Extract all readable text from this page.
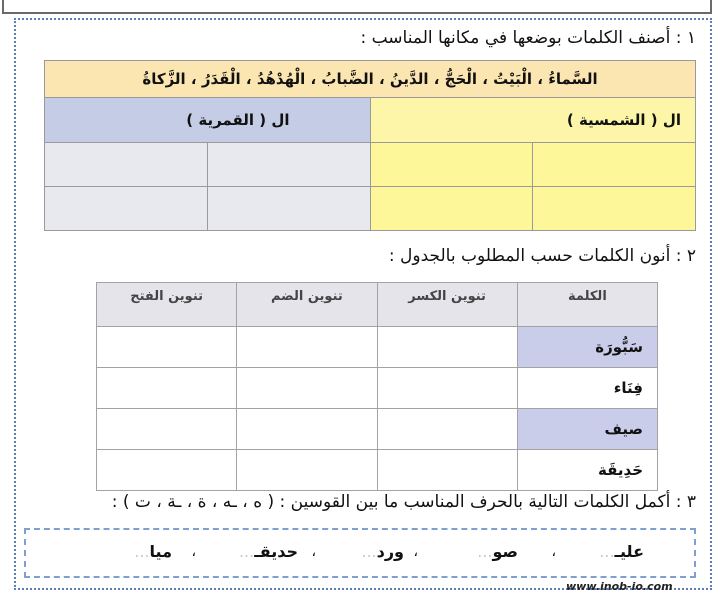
١ : أصنف الكلمات بوضعها في مكانها المناسب :
السَّماءُ ، الْبَيْتُ ، الْحَجُّ ، الدَّينُ ، الضَّبابُ ، الْهُدْهُدُ ، الْقَدَرُ ، الزَّكاةُ			
ال ( الشمسية )		ال ( القمرية )	

٢ : أنون الكلمات حسب المطلوب بالجدول :
الكلمة	تنوين الكسر	تنوين الضم	تنوين الفتح
سَبُّورَة			
فِنَاء			
صيف			
حَدِيقَة			
٣ : أكمل الكلمات التالية بالحرف المناسب ما بين القوسين : ( ه ، ـه ، ة ، ـة ، ت ) :
عليـ...
،
صو...
،
ورد...
،
حديقـ...
،
ميا...
www.inob-io.com
